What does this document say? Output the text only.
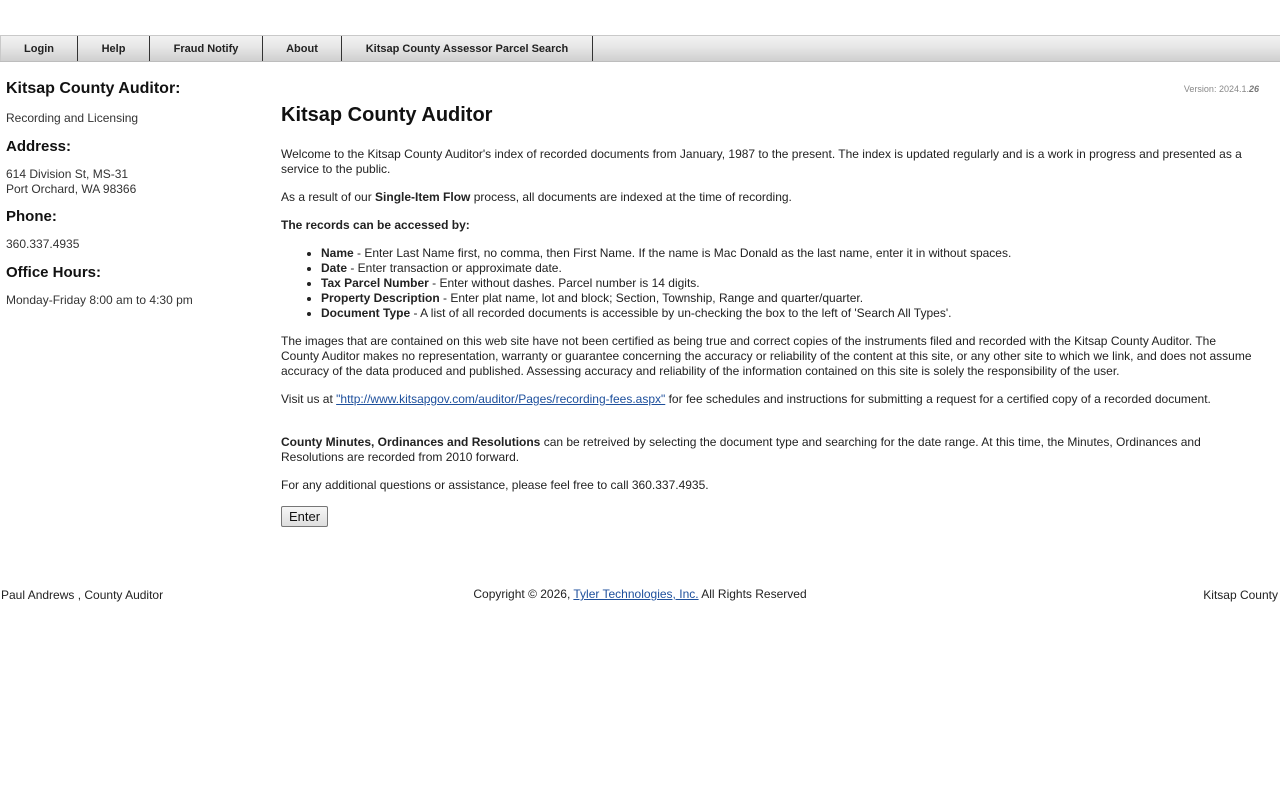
Login	Help	Fraud Notify	About	Kitsap County Assessor Parcel Search
Kitsap County Auditor:

Recording and Licensing

Address:

614 Division St, MS-31

Port Orchard, WA 98366

Phone:

360.337.4935

Office Hours:

Monday-Friday 8:00 am to 4:30 pm

Version: 2024.1.26
Kitsap County Auditor

Welcome to the Kitsap County Auditor's index of recorded documents from January, 1987 to the present. The index is updated regularly and is a work in progress and presented as a service to the public.

As a result of our Single-Item Flow process, all documents are indexed at the time of recording.

The records can be accessed by:

• Name - Enter Last Name first, no comma, then First Name. If the name is Mac Donald as the last name, enter it in without spaces.
• Date - Enter transaction or approximate date.
• Tax Parcel Number - Enter without dashes. Parcel number is 14 digits.
• Property Description - Enter plat name, lot and block; Section, Township, Range and quarter/quarter.
• Document Type - A list of all recorded documents is accessible by un-checking the box to the left of 'Search All Types'.

The images that are contained on this web site have not been certified as being true and correct copies of the instruments filed and recorded with the Kitsap County Auditor. The County Auditor makes no representation, warranty or guarantee concerning the accuracy or reliability of the content at this site, or any other site to which we link, and does not assume accuracy of the data produced and published. Assessing accuracy and reliability of the information contained on this site is solely the responsibility of the user.

Visit us at "http://www.kitsapgov.com/auditor/Pages/recording-fees.aspx" for fee schedules and instructions for submitting a request for a certified copy of a recorded document.

County Minutes, Ordinances and Resolutions can be retreived by selecting the document type and searching for the date range. At this time, the Minutes, Ordinances and Resolutions are recorded from 2010 forward.

For any additional questions or assistance, please feel free to call 360.337.4935.

Enter
Paul Andrews , County Auditor	Copyright © 2026, Tyler Technologies, Inc. All Rights Reserved	Kitsap County
